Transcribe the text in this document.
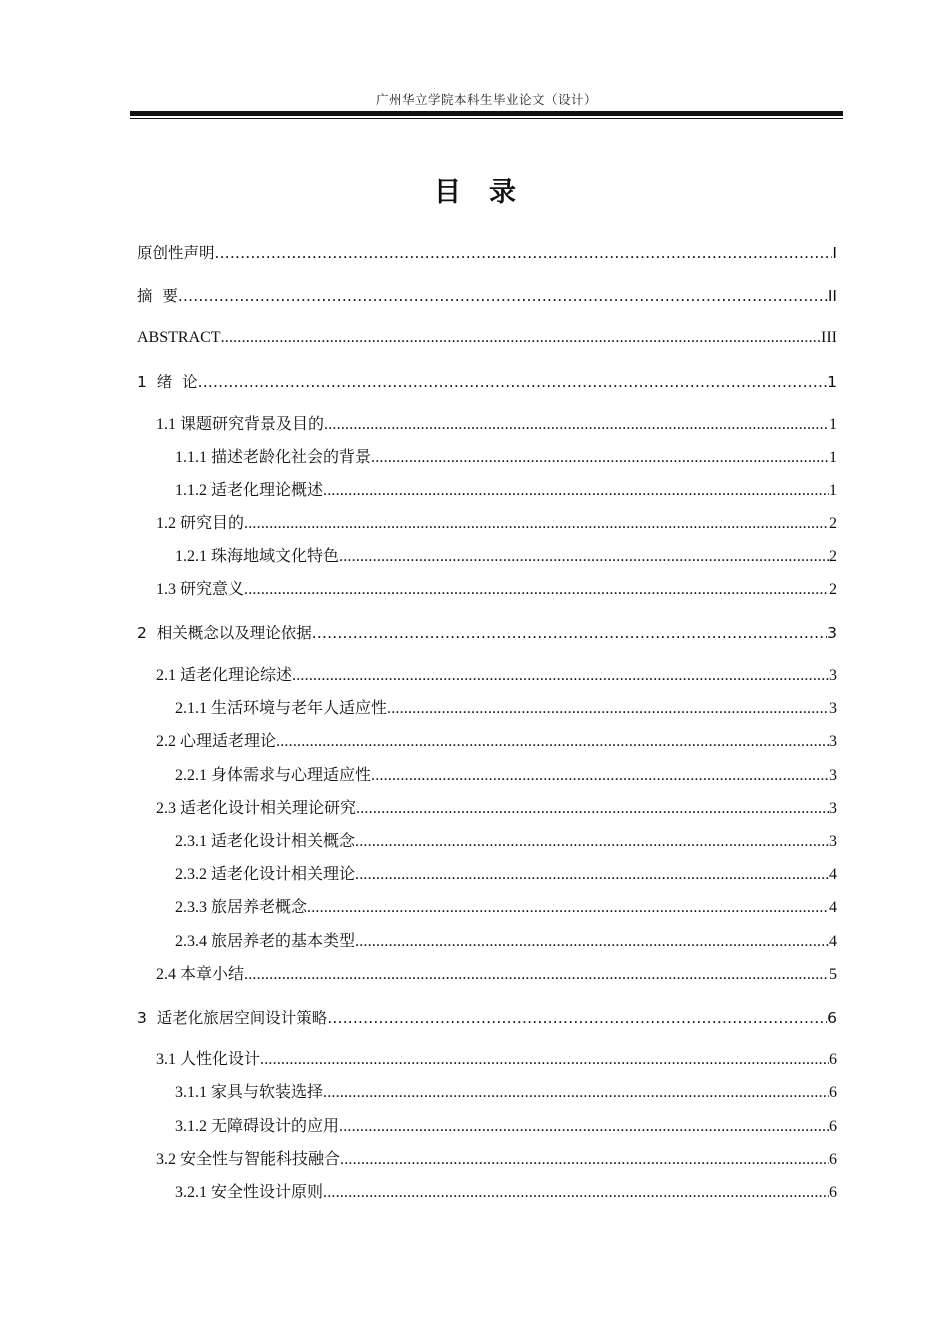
广州华立学院本科生毕业论文（设计）
目录
原创性声明 .....	I
摘  要 .....	II
ABSTRACT .....	III
1  绪  论 .....	1
1.1 课题研究背景及目的 .....	1
1.1.1 描述老龄化社会的背景 .....	1
1.1.2 适老化理论概述 .....	1
1.2 研究目的 .....	2
1.2.1 珠海地域文化特色 .....	2
1.3 研究意义 .....	2
2  相关概念以及理论依据 .....	3
2.1 适老化理论综述 .....	3
2.1.1 生活环境与老年人适应性 .....	3
2.2 心理适老理论 .....	3
2.2.1 身体需求与心理适应性 .....	3
2.3 适老化设计相关理论研究 .....	3
2.3.1 适老化设计相关概念 .....	3
2.3.2 适老化设计相关理论 .....	4
2.3.3 旅居养老概念 .....	4
2.3.4 旅居养老的基本类型 .....	4
2.4 本章小结 .....	5
3  适老化旅居空间设计策略 .....	6
3.1 人性化设计 .....	6
3.1.1 家具与软装选择 .....	6
3.1.2 无障碍设计的应用 .....	6
3.2 安全性与智能科技融合 .....	6
3.2.1 安全性设计原则 .....	6
